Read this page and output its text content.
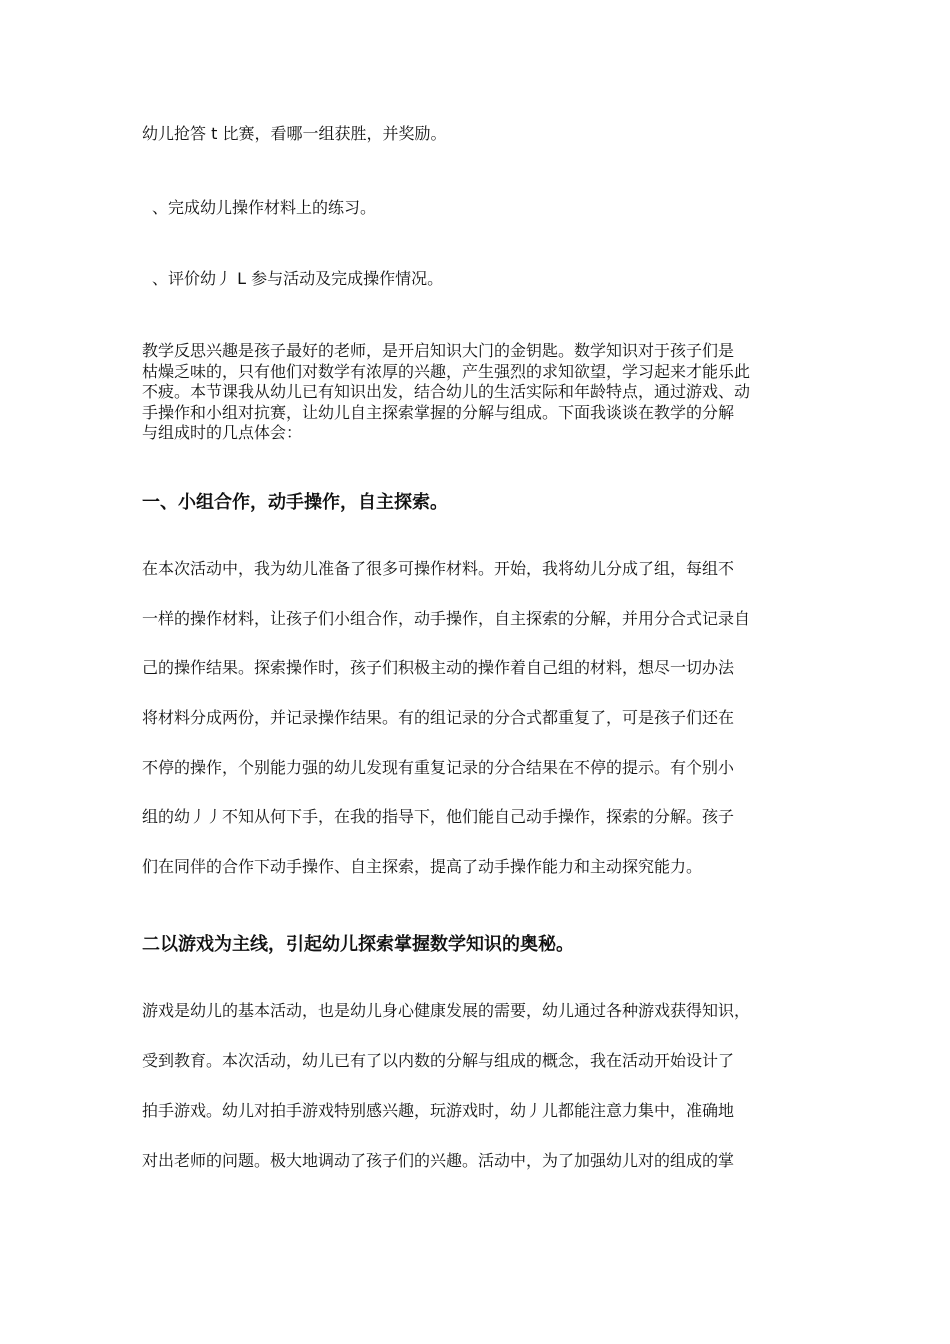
幼儿抢答 t 比赛，看哪一组获胜，并奖励。

、完成幼儿操作材料上的练习。

、评价幼丿 L 参与活动及完成操作情况。

教学反思兴趣是孩子最好的老师，是开启知识大门的金钥匙。数学知识对于孩子们是
枯燥乏味的，只有他们对数学有浓厚的兴趣，产生强烈的求知欲望，学习起来才能乐此
不疲。本节课我从幼儿已有知识出发，结合幼儿的生活实际和年龄特点，通过游戏、动
手操作和小组对抗赛，让幼儿自主探索掌握的分解与组成。下面我谈谈在教学的分解
与组成时的几点体会：
一、小组合作，动手操作，自主探索。

在本次活动中，我为幼儿准备了很多可操作材料。开始，我将幼儿分成了组，每组不

一样的操作材料，让孩子们小组合作，动手操作，自主探索的分解，并用分合式记录自

己的操作结果。探索操作时，孩子们积极主动的操作着自己组的材料，想尽一切办法

将材料分成两份，并记录操作结果。有的组记录的分合式都重复了，可是孩子们还在

不停的操作，个别能力强的幼儿发现有重复记录的分合结果在不停的提示。有个别小

组的幼丿丿不知从何下手，在我的指导下，他们能自己动手操作，探索的分解。孩子

们在同伴的合作下动手操作、自主探索，提高了动手操作能力和主动探究能力。

二以游戏为主线，引起幼儿探索掌握数学知识的奥秘。

游戏是幼儿的基本活动，也是幼儿身心健康发展的需要，幼儿通过各种游戏获得知识，

受到教育。本次活动，幼儿已有了以内数的分解与组成的概念，我在活动开始设计了

拍手游戏。幼儿对拍手游戏特别感兴趣，玩游戏时，幼丿儿都能注意力集中，准确地

对出老师的问题。极大地调动了孩子们的兴趣。活动中，为了加强幼儿对的组成的掌
